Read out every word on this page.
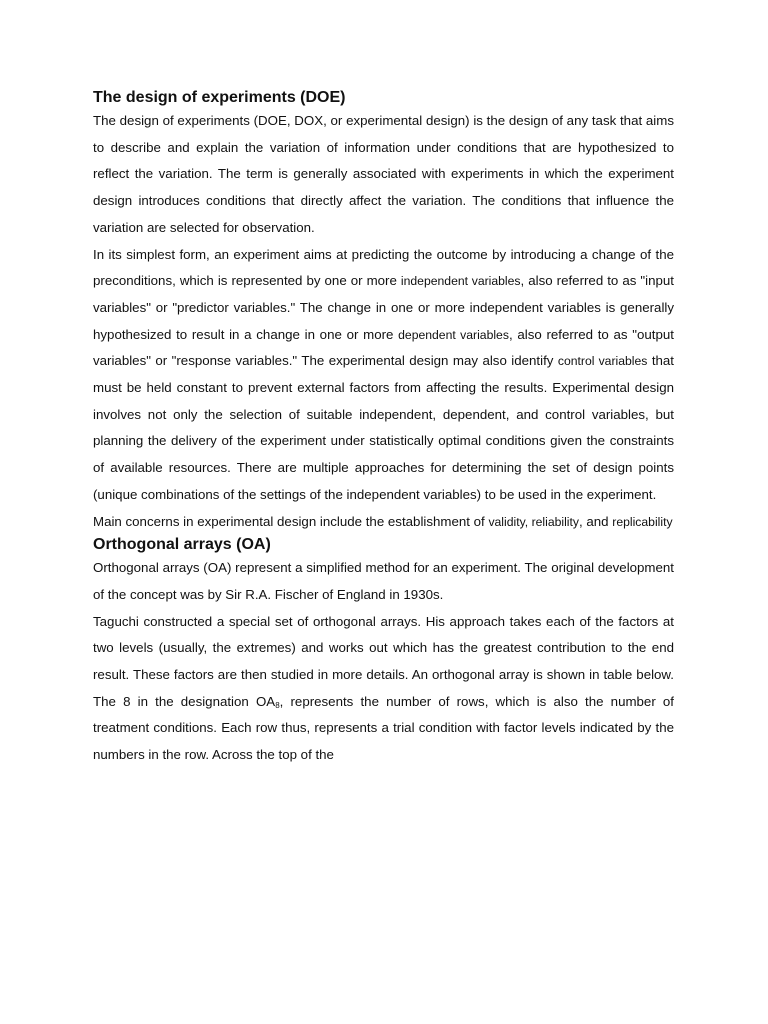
The design of experiments (DOE)

The design of experiments (DOE, DOX, or experimental design) is the design of any task that aims to describe and explain the variation of information under conditions that are hypothesized to reflect the variation. The term is generally associated with experiments in which the experiment design introduces conditions that directly affect the variation. The conditions that influence the variation are selected for observation.

In its simplest form, an experiment aims at predicting the outcome by introducing a change of the preconditions, which is represented by one or more independent variables, also referred to as "input variables" or "predictor variables." The change in one or more independent variables is generally hypothesized to result in a change in one or more dependent variables, also referred to as "output variables" or "response variables." The experimental design may also identify control variables that must be held constant to prevent external factors from affecting the results. Experimental design involves not only the selection of suitable independent, dependent, and control variables, but planning the delivery of the experiment under statistically optimal conditions given the constraints of available resources. There are multiple approaches for determining the set of design points (unique combinations of the settings of the independent variables) to be used in the experiment.

Main concerns in experimental design include the establishment of validity, reliability, and replicability

Orthogonal arrays (OA)

Orthogonal arrays (OA) represent a simplified method for an experiment. The original development of the concept was by Sir R.A. Fischer of England in 1930s.

Taguchi constructed a special set of orthogonal arrays. His approach takes each of the factors at two levels (usually, the extremes) and works out which has the greatest contribution to the end result. These factors are then studied in more details. An orthogonal array is shown in table below. The 8 in the designation $OA_8$, represents the number of rows, which is also the number of treatment conditions. Each row thus, represents a trial condition with factor levels indicated by the numbers in the row. Across the top of the
